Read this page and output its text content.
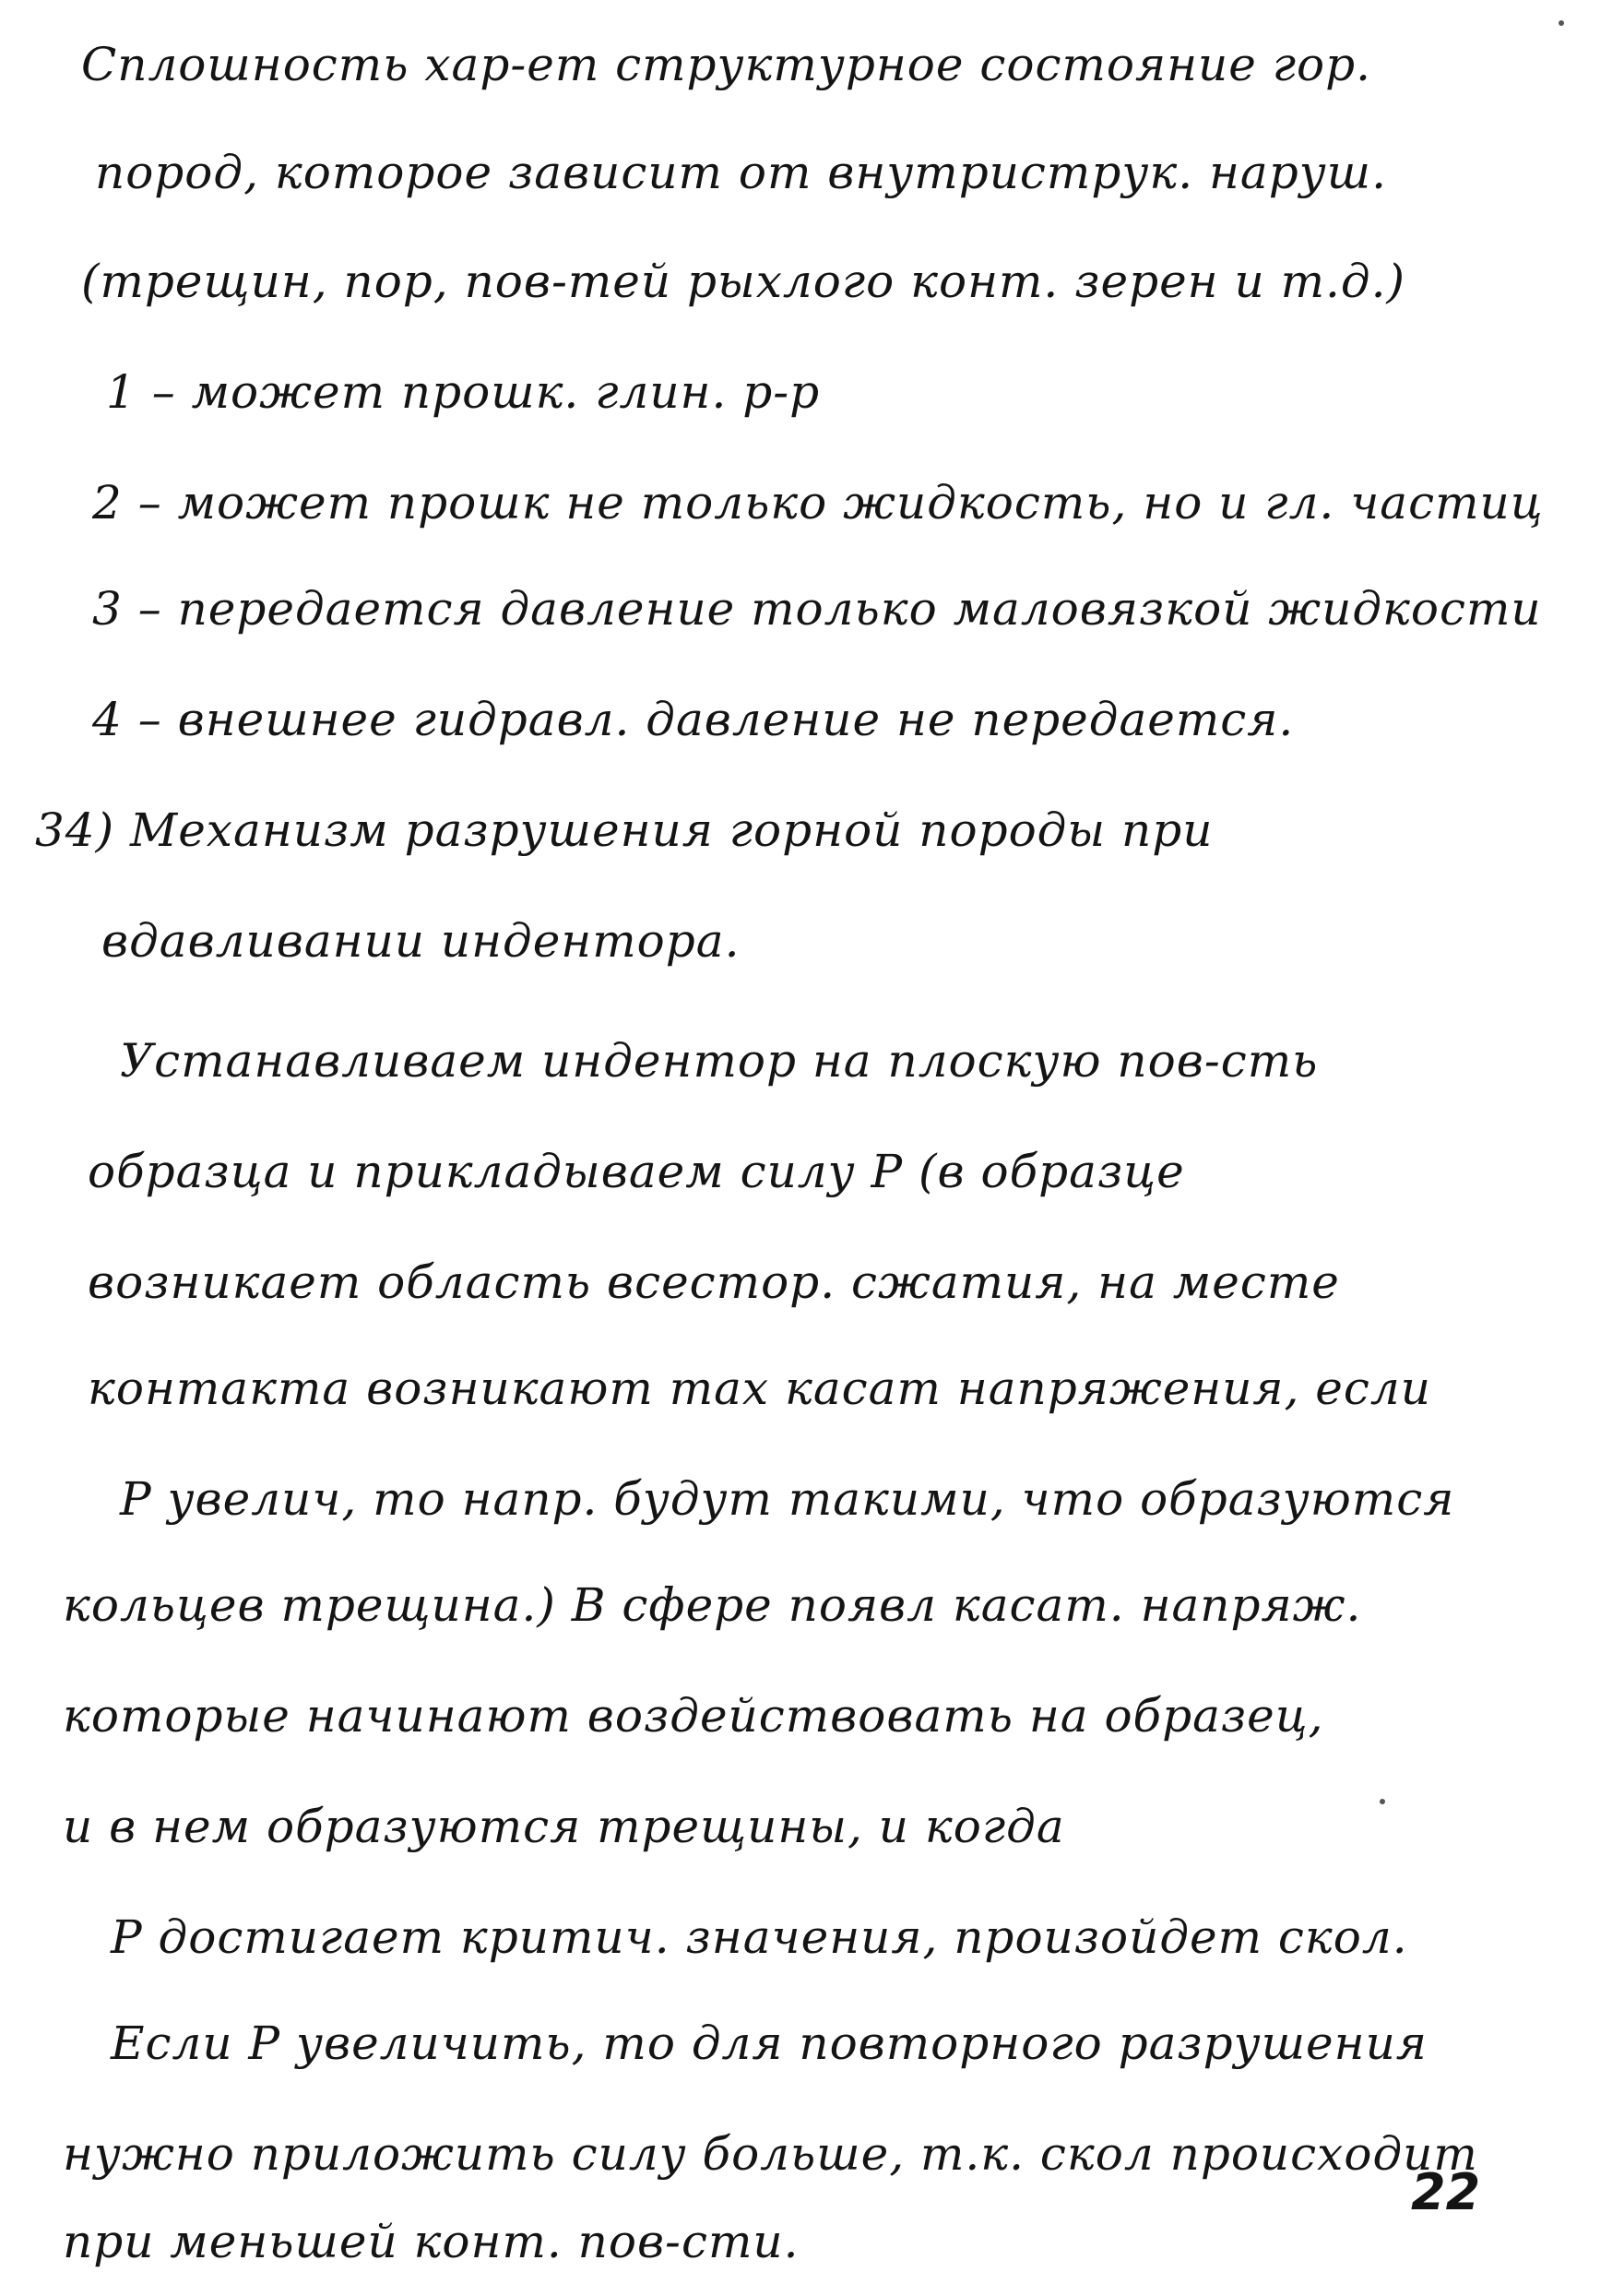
Сплошность хар-ет структурное состояние гор.
пород, которое зависит от внутриструк. наруш.
(трещин, пор, пов-тей рыхлого конт. зерен и т.д.)
1 – может прошк. глин. р-р
2 – может прошк не только жидкость, но и гл. частиц
3 – передается давление только маловязкой жидкости
4 – внешнее гидравл. давление не передается.
34) Механизм разрушения горной породы при
вдавливании индентора.
Устанавливаем индентор на плоскую пов-сть
образца и прикладываем силу P (в образце
возникает область всестор. сжатия, на месте
контакта возникают max касат напряжения, если
P увелич, то напр. будут такими, что образуются
кольцев трещина.) В сфере появл касат. напряж.
которые начинают воздействовать на образец,
и в нем образуются трещины, и когда
P достигает критич. значения, произойдет скол.
Если P увеличить, то для повторного разрушения
нужно приложить силу больше, т.к. скол происходит
при меньшей конт. пов-сти.
22
